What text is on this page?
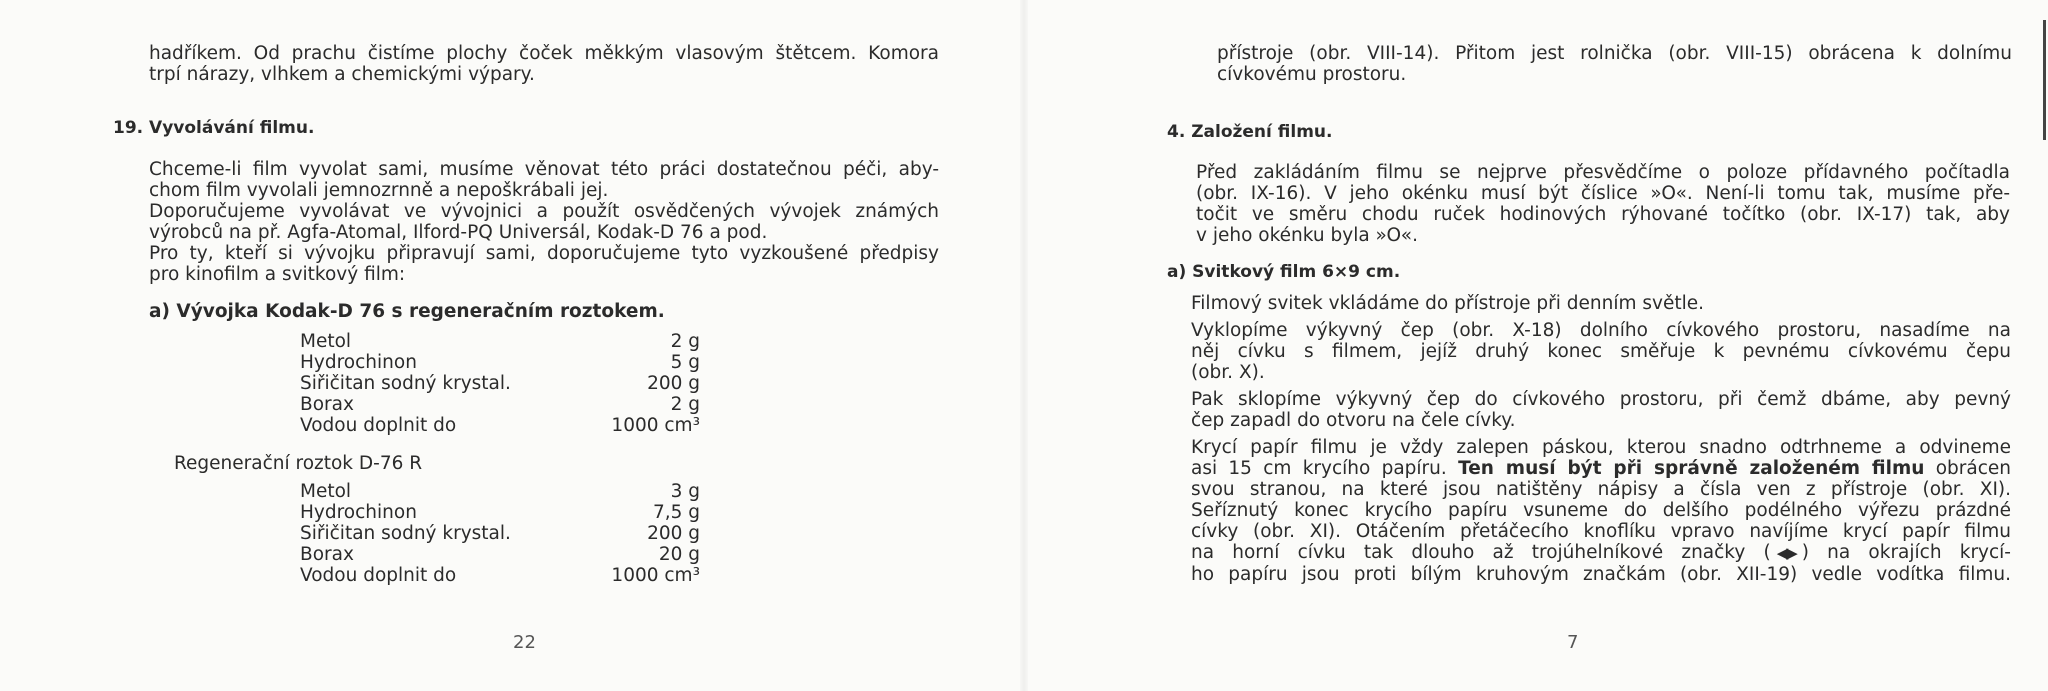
hadříkem. Od prachu čistíme plochy čoček měkkým vlasovým štětcem. Komora
trpí nárazy, vlhkem a chemickými výpary.
19. Vyvolávání filmu.
Chceme-li film vyvolat sami, musíme věnovat této práci dostatečnou péči, aby-
chom film vyvolali jemnozrnně a nepoškrábali jej.
Doporučujeme vyvolávat ve vývojnici a použít osvědčených vývojek známých
výrobců na př. Agfa-Atomal, Ilford-PQ Universál, Kodak-D 76 a pod.
Pro ty, kteří si vývojku připravují sami, doporučujeme tyto vyzkoušené předpisy
pro kinofilm a svitkový film:
a) Vývojka Kodak-D 76 s regeneračním roztokem.
Metol	2 g
Hydrochinon	5 g
Siřičitan sodný krystal.	200 g
Borax	2 g
Vodou doplnit do	1000 cm³
Regenerační roztok D-76 R
Metol	3 g
Hydrochinon	7,5 g
Siřičitan sodný krystal.	200 g
Borax	20 g
Vodou doplnit do	1000 cm³
22
přístroje (obr. VIII-14). Přitom jest rolnička (obr. VIII-15) obrácena k dolnímu
cívkovému prostoru.
4. Založení filmu.
Před zakládáním filmu se nejprve přesvědčíme o poloze přídavného počítadla
(obr. IX-16). V jeho okénku musí být číslice »O«. Není-li tomu tak, musíme pře-
točit ve směru chodu ruček hodinových rýhované točítko (obr. IX-17) tak, aby
v jeho okénku byla »O«.
a) Svitkový film 6×9 cm.
Filmový svitek vkládáme do přístroje při denním světle.
Vyklopíme výkyvný čep (obr. X-18) dolního cívkového prostoru, nasadíme na
něj cívku s filmem, jejíž druhý konec směřuje k pevnému cívkovému čepu
(obr. X).
Pak sklopíme výkyvný čep do cívkového prostoru, při čemž dbáme, aby pevný
čep zapadl do otvoru na čele cívky.
Krycí papír filmu je vždy zalepen páskou, kterou snadno odtrhneme a odvineme
asi 15 cm krycího papíru. Ten musí být při správně založeném filmu obrácen
svou stranou, na které jsou natištěny nápisy a čísla ven z přístroje (obr. XI).
Seříznutý konec krycího papíru vsuneme do delšího podélného výřezu prázdné
cívky (obr. XI). Otáčením přetáčecího knoflíku vpravo navíjíme krycí papír filmu
na horní cívku tak dlouho až trojúhelníkové značky ( ◀▶ ) na okrajích krycí-
ho papíru jsou proti bílým kruhovým značkám (obr. XII-19) vedle vodítka filmu.
7
